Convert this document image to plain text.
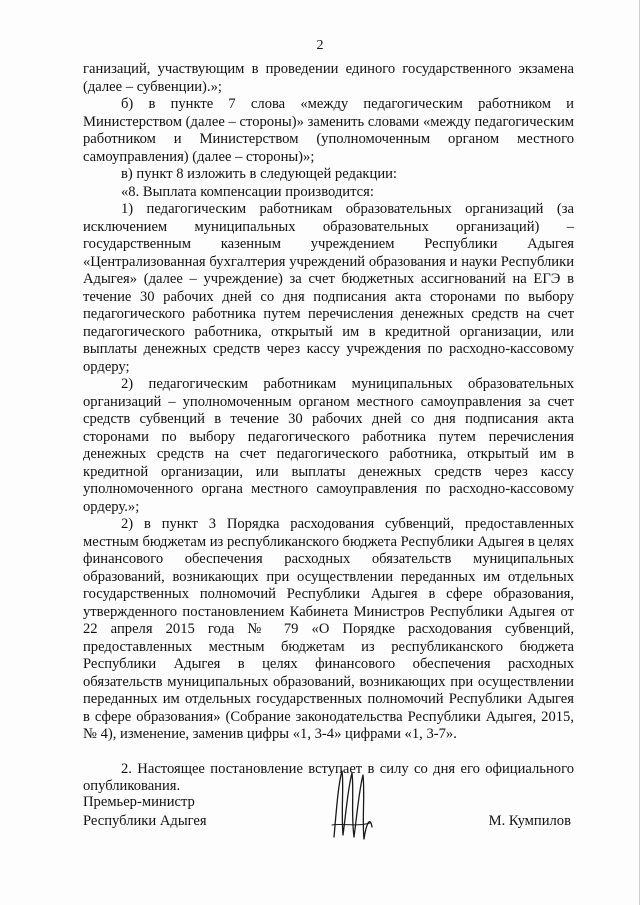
2

ганизаций, участвующим в проведении единого государственного экзамена (далее – субвенции).»;

б) в пункте 7 слова «между педагогическим работником и Министерством (далее – стороны)» заменить словами «между педагогическим работником и Министерством (уполномоченным органом местного самоуправления) (далее – стороны)»;

в) пункт 8 изложить в следующей редакции:

«8. Выплата компенсации производится:

1) педагогическим работникам образовательных организаций (за исключением муниципальных образовательных организаций) – государственным казенным учреждением Республики Адыгея «Централизованная бухгалтерия учреждений образования и науки Республики Адыгея» (далее – учреждение) за счет бюджетных ассигнований на ЕГЭ в течение 30 рабочих дней со дня подписания акта сторонами по выбору педагогического работника путем перечисления денежных средств на счет педагогического работника, открытый им в кредитной организации, или выплаты денежных средств через кассу учреждения по расходно-кассовому ордеру;

2) педагогическим работникам муниципальных образовательных организаций – уполномоченным органом местного самоуправления за счет средств субвенций в течение 30 рабочих дней со дня подписания акта сторонами по выбору педагогического работника путем перечисления денежных средств на счет педагогического работника, открытый им в кредитной организации, или выплаты денежных средств через кассу уполномоченного органа местного самоуправления по расходно-кассовому ордеру.»;

2) в пункт 3 Порядка расходования субвенций, предоставленных местным бюджетам из республиканского бюджета Республики Адыгея в целях финансового обеспечения расходных обязательств муниципальных образований, возникающих при осуществлении переданных им отдельных государственных полномочий Республики Адыгея в сфере образования, утвержденного постановлением Кабинета Министров Республики Адыгея от 22 апреля 2015 года № 79 «О Порядке расходования субвенций, предоставленных местным бюджетам из республиканского бюджета Республики Адыгея в целях финансового обеспечения расходных обязательств муниципальных образований, возникающих при осуществлении переданных им отдельных государственных полномочий Республики Адыгея в сфере образования» (Собрание законодательства Республики Адыгея, 2015, № 4), изменение, заменив цифры «1, 3-4» цифрами «1, 3-7».

2. Настоящее постановление вступает в силу со дня его официального опубликования.

Премьер-министр
Республики Адыгея	М. Кумпилов
